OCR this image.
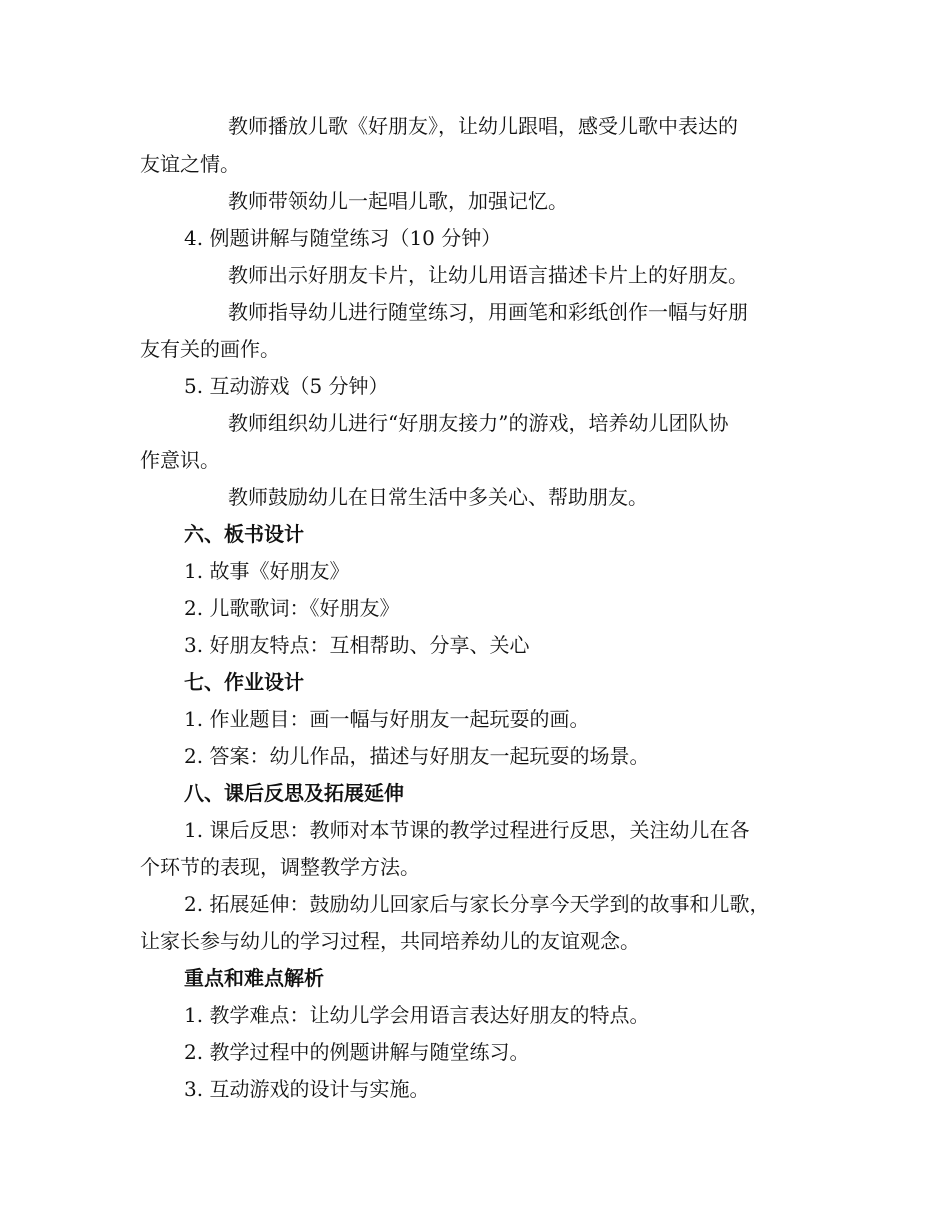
教师播放儿歌《好朋友》，让幼儿跟唱，感受儿歌中表达的
友谊之情。
教师带领幼儿一起唱儿歌，加强记忆。
4. 例题讲解与随堂练习（10 分钟）
教师出示好朋友卡片，让幼儿用语言描述卡片上的好朋友。
教师指导幼儿进行随堂练习，用画笔和彩纸创作一幅与好朋
友有关的画作。
5. 互动游戏（5 分钟）
教师组织幼儿进行“好朋友接力”的游戏，培养幼儿团队协
作意识。
教师鼓励幼儿在日常生活中多关心、帮助朋友。
六、板书设计
1. 故事《好朋友》
2. 儿歌歌词：《好朋友》
3. 好朋友特点：互相帮助、分享、关心
七、作业设计
1. 作业题目：画一幅与好朋友一起玩耍的画。
2. 答案：幼儿作品，描述与好朋友一起玩耍的场景。
八、课后反思及拓展延伸
1. 课后反思：教师对本节课的教学过程进行反思，关注幼儿在各
个环节的表现，调整教学方法。
2. 拓展延伸：鼓励幼儿回家后与家长分享今天学到的故事和儿歌，
让家长参与幼儿的学习过程，共同培养幼儿的友谊观念。
重点和难点解析
1. 教学难点：让幼儿学会用语言表达好朋友的特点。
2. 教学过程中的例题讲解与随堂练习。
3. 互动游戏的设计与实施。
